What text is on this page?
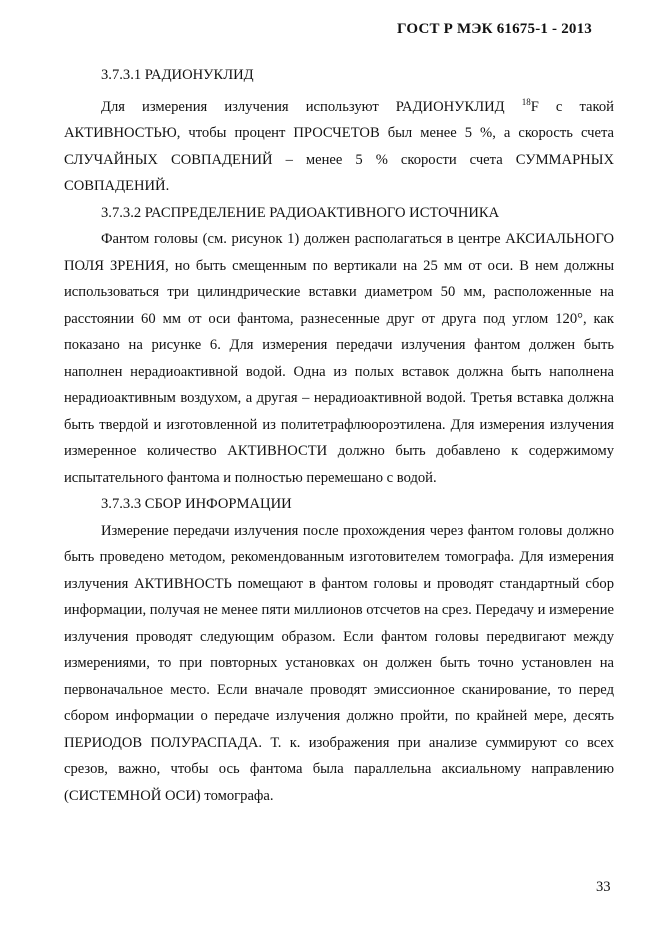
ГОСТ Р МЭК 61675-1 - 2013

3.7.3.1 РАДИОНУКЛИД

Для измерения излучения используют РАДИОНУКЛИД $^{18}$F с такой АКТИВНОСТЬЮ, чтобы процент ПРОСЧЕТОВ был менее 5 %, а скорость счета СЛУЧАЙНЫХ СОВПАДЕНИЙ – менее 5 % скорости счета СУММАРНЫХ СОВПАДЕНИЙ.

3.7.3.2 РАСПРЕДЕЛЕНИЕ РАДИОАКТИВНОГО ИСТОЧНИКА

Фантом головы (см. рисунок 1) должен располагаться в центре АКСИАЛЬНОГО ПОЛЯ ЗРЕНИЯ, но быть смещенным по вертикали на 25 мм от оси. В нем должны использоваться три цилиндрические вставки диаметром 50 мм, расположенные на расстоянии 60 мм от оси фантома, разнесенные друг от друга под углом 120°, как показано на рисунке 6. Для измерения передачи излучения фантом должен быть наполнен нерадиоактивной водой. Одна из полых вставок должна быть наполнена нерадиоактивным воздухом, а другая – нерадиоактивной водой. Третья вставка должна быть твердой и изготовленной из политетрафлюороэтилена. Для измерения излучения измеренное количество АКТИВНОСТИ должно быть добавлено к содержимому испытательного фантома и полностью перемешано с водой.

3.7.3.3 СБОР ИНФОРМАЦИИ

Измерение передачи излучения после прохождения через фантом головы должно быть проведено методом, рекомендованным изготовителем томографа. Для измерения излучения АКТИВНОСТЬ помещают в фантом головы и проводят стандартный сбор информации, получая не менее пяти миллионов отсчетов на срез. Передачу и измерение излучения проводят следующим образом. Если фантом головы передвигают между измерениями, то при повторных установках он должен быть точно установлен на первоначальное место. Если вначале проводят эмиссионное сканирование, то перед сбором информации о передаче излучения должно пройти, по крайней мере, десять ПЕРИОДОВ ПОЛУРАСПАДА. Т. к. изображения при анализе суммируют со всех срезов, важно, чтобы ось фантома была параллельна аксиальному направлению (СИСТЕМНОЙ ОСИ) томографа.

33
